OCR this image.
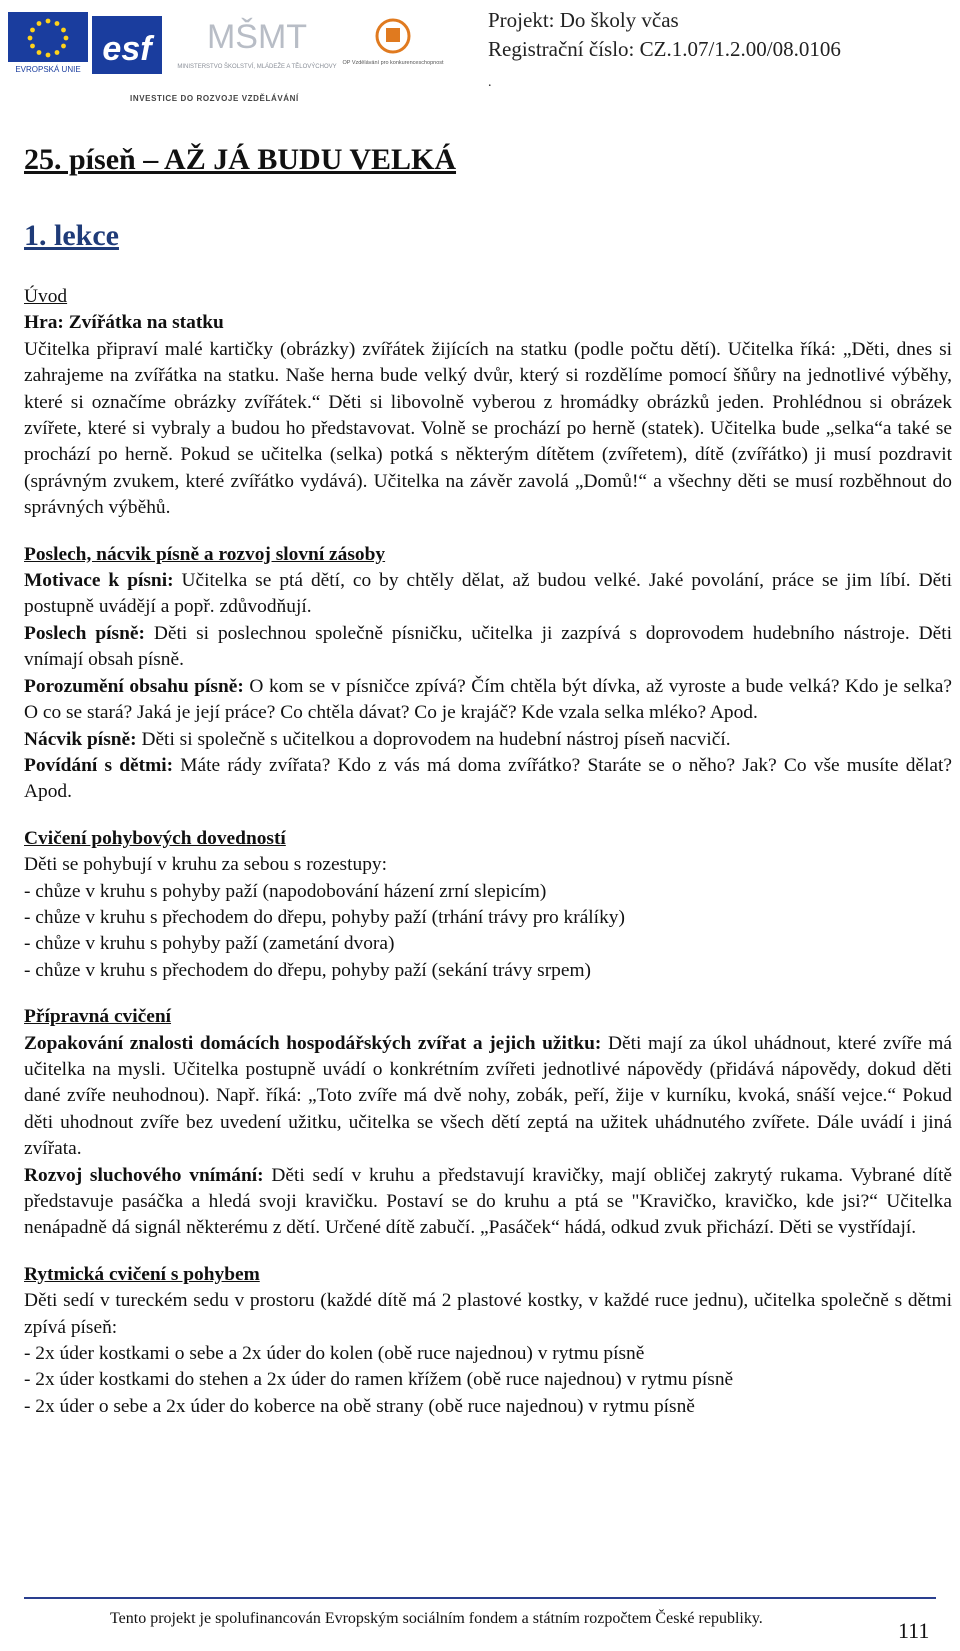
EVROPSKÁ UNIE
esf MŠMT
MINISTERSTVO ŠKOLSTVÍ, MLÁDEŽE A TĚLOVÝCHOVY
OP Vzdělávání pro konkurenceschopnost
INVESTICE DO ROZVOJE VZDĚLÁVÁNÍ
Projekt: Do školy včas
Registrační číslo: CZ.1.07/1.2.00/08.0106
.
25. píseň – AŽ JÁ BUDU VELKÁ
1. lekce

Úvod

Hra: Zvířátka na statku

Učitelka připraví malé kartičky (obrázky) zvířátek žijících na statku (podle počtu dětí). Učitelka říká: „Děti, dnes si zahrajeme na zvířátka na statku. Naše herna bude velký dvůr, který si rozdělíme pomocí šňůry na jednotlivé výběhy, které si označíme obrázky zvířátek.“ Děti si libovolně vyberou z hromádky obrázků jeden. Prohlédnou si obrázek zvířete, které si vybraly a budou ho představovat. Volně se prochází po herně (statek). Učitelka bude „selka“a také se prochází po herně. Pokud se učitelka (selka) potká s některým dítětem (zvířetem), dítě (zvířátko) ji musí pozdravit (správným zvukem, které zvířátko vydává). Učitelka na závěr zavolá „Domů!“ a všechny děti se musí rozběhnout do správných výběhů.

Poslech, nácvik písně a rozvoj slovní zásoby

Motivace k písni: Učitelka se ptá dětí, co by chtěly dělat, až budou velké. Jaké povolání, práce se jim líbí. Děti postupně uvádějí a popř. zdůvodňují.

Poslech písně: Děti si poslechnou společně písničku, učitelka ji zazpívá s doprovodem hudebního nástroje. Děti vnímají obsah písně.

Porozumění obsahu písně: O kom se v písničce zpívá? Čím chtěla být dívka, až vyroste a bude velká? Kdo je selka? O co se stará? Jaká je její práce? Co chtěla dávat? Co je krajáč? Kde vzala selka mléko? Apod.

Nácvik písně: Děti si společně s učitelkou a doprovodem na hudební nástroj píseň nacvičí.

Povídání s dětmi: Máte rády zvířata? Kdo z vás má doma zvířátko? Staráte se o něho? Jak? Co vše musíte dělat? Apod.

Cvičení pohybových dovedností

Děti se pohybují v kruhu za sebou s rozestupy:

- chůze v kruhu s pohyby paží (napodobování házení zrní slepicím)

- chůze v kruhu s přechodem do dřepu, pohyby paží (trhání trávy pro králíky)

- chůze v kruhu s pohyby paží (zametání dvora)

- chůze v kruhu s přechodem do dřepu, pohyby paží (sekání trávy srpem)

Přípravná cvičení

Zopakování znalosti domácích hospodářských zvířat a jejich užitku: Děti mají za úkol uhádnout, které zvíře má učitelka na mysli. Učitelka postupně uvádí o konkrétním zvířeti jednotlivé nápovědy (přidává nápovědy, dokud děti dané zvíře neuhodnou). Např. říká: „Toto zvíře má dvě nohy, zobák, peří, žije v kurníku, kvoká, snáší vejce.“ Pokud děti uhodnout zvíře bez uvedení užitku, učitelka se všech dětí zeptá na užitek uhádnutého zvířete. Dále uvádí i jiná zvířata.

Rozvoj sluchového vnímání: Děti sedí v kruhu a představují kravičky, mají obličej zakrytý rukama. Vybrané dítě představuje pasáčka a hledá svoji kravičku. Postaví se do kruhu a ptá se "Kravičko, kravičko, kde jsi?“ Učitelka nenápadně dá signál některému z dětí. Určené dítě zabučí. „Pasáček“ hádá, odkud zvuk přichází. Děti se vystřídají.

Rytmická cvičení s pohybem

Děti sedí v tureckém sedu v prostoru (každé dítě má 2 plastové kostky, v každé ruce jednu), učitelka společně s dětmi zpívá píseň:

- 2x úder kostkami o sebe a 2x úder do kolen (obě ruce najednou) v rytmu písně

- 2x úder kostkami do stehen a 2x úder do ramen křížem (obě ruce najednou) v rytmu písně

- 2x úder o sebe a 2x úder do koberce na obě strany (obě ruce najednou) v rytmu písně

Tento projekt je spolufinancován Evropským sociálním fondem a státním rozpočtem České republiky.	111
